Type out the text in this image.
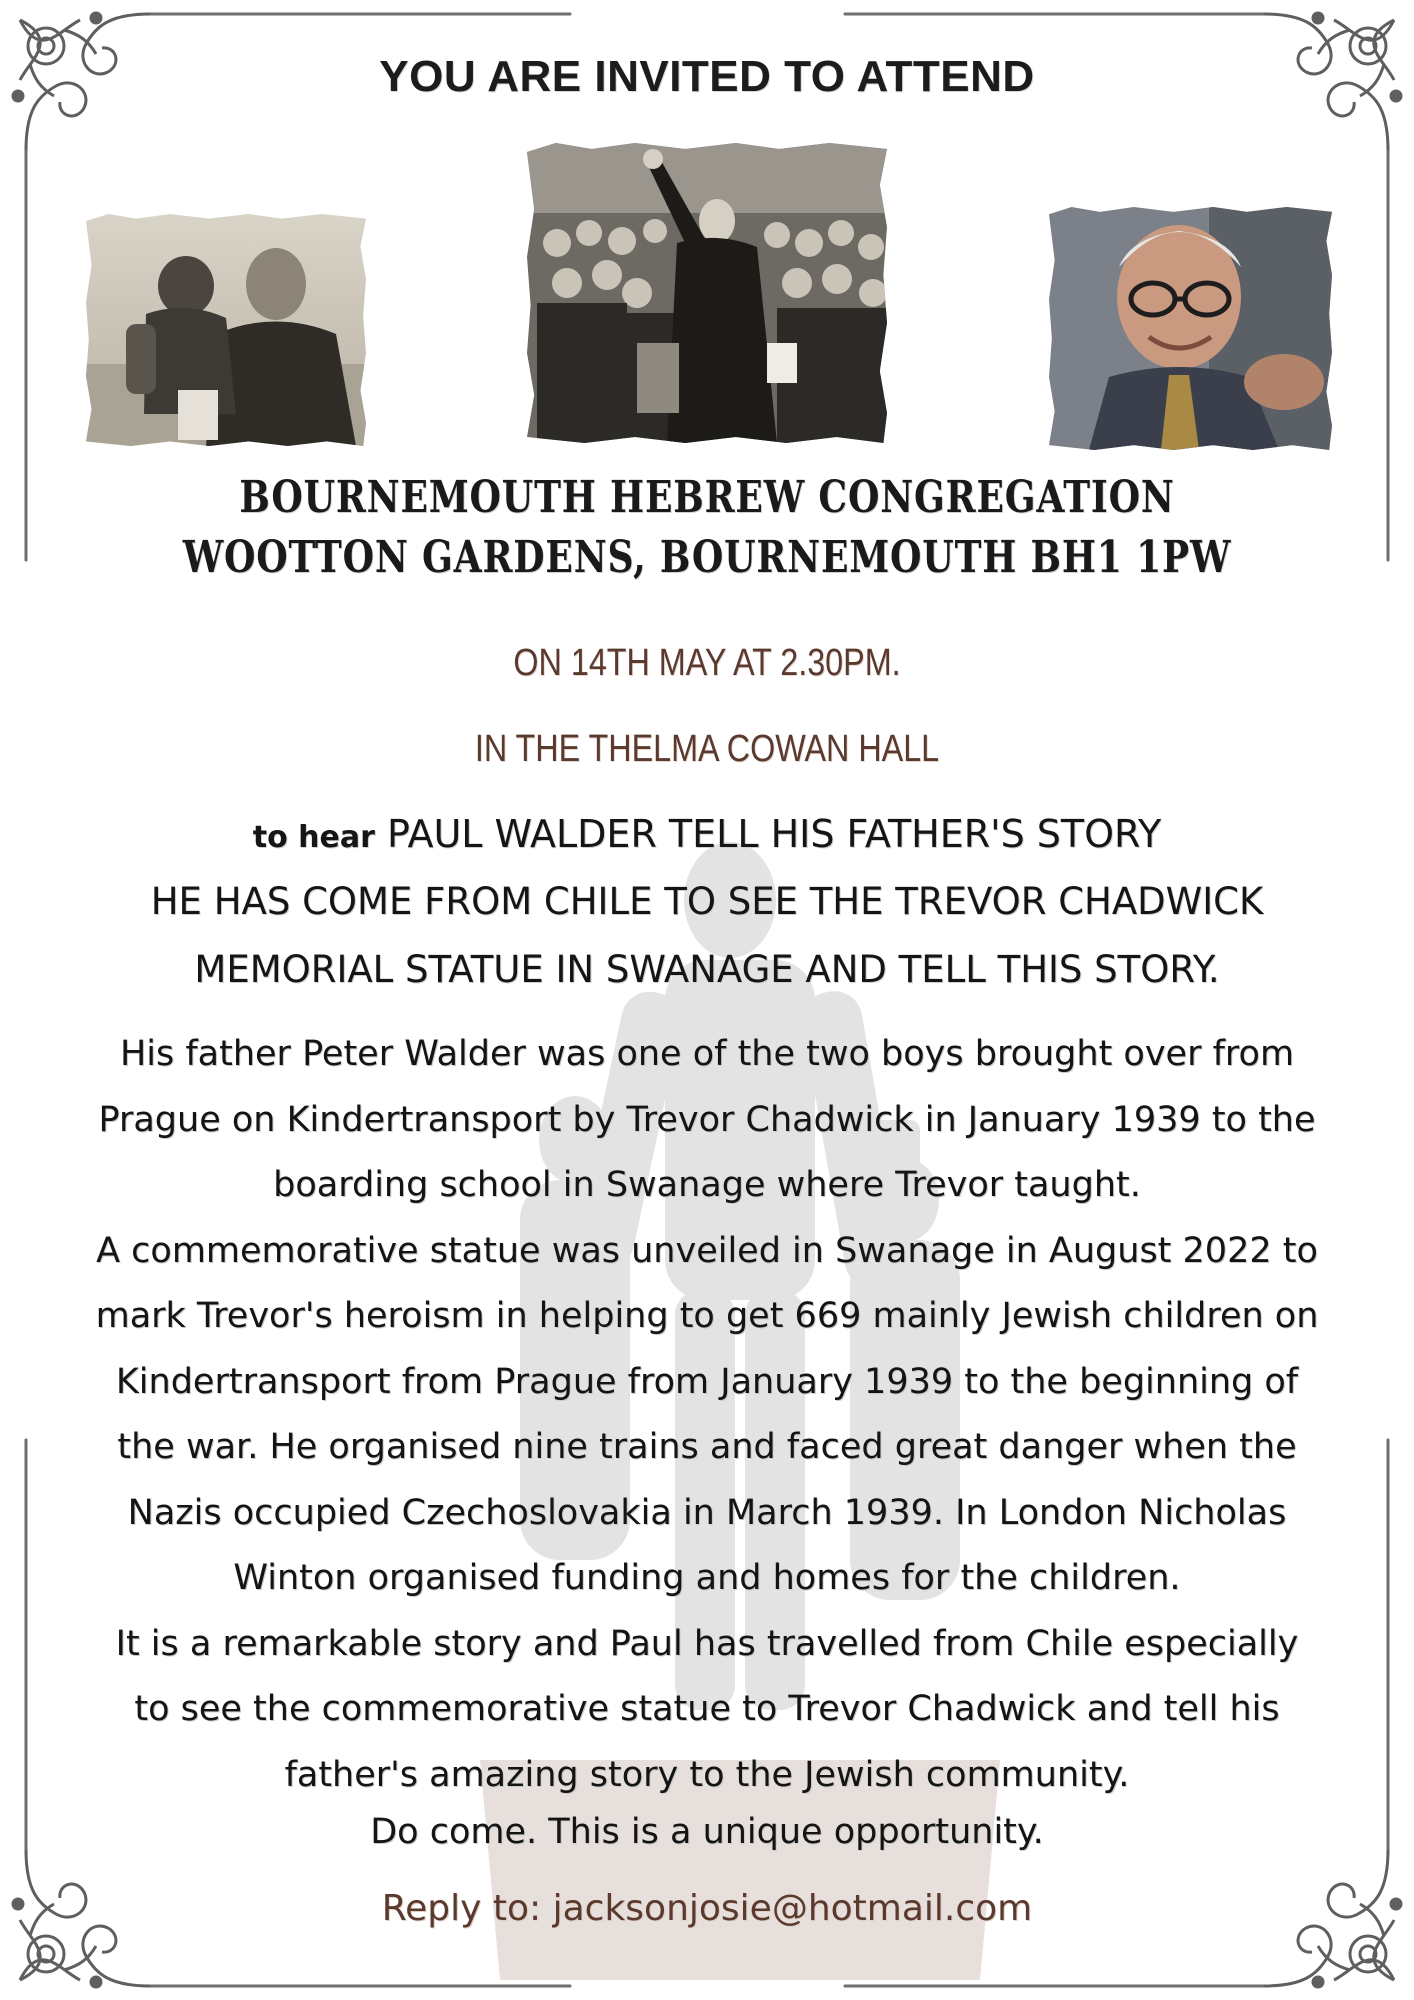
YOU ARE INVITED TO ATTEND
BOURNEMOUTH HEBREW CONGREGATION
WOOTTON GARDENS, BOURNEMOUTH BH1 1PW

ON 14TH MAY AT 2.30PM.

IN THE THELMA COWAN HALL

to hear PAUL WALDER TELL HIS FATHER'S STORY

HE HAS COME FROM CHILE TO SEE THE TREVOR CHADWICK

MEMORIAL STATUE IN SWANAGE AND TELL THIS STORY.

His father Peter Walder was one of the two boys brought over from
Prague on Kindertransport by Trevor Chadwick in January 1939 to the
boarding school in Swanage where Trevor taught.
A commemorative statue was unveiled in Swanage in August 2022 to
mark Trevor's heroism in helping to get 669 mainly Jewish children on
Kindertransport from Prague from January 1939 to the beginning of
the war. He organised nine trains and faced great danger when the
Nazis occupied Czechoslovakia in March 1939. In London Nicholas
Winton organised funding and homes for the children.
It is a remarkable story and Paul has travelled from Chile especially
to see the commemorative statue to Trevor Chadwick and tell his
father's amazing story to the Jewish community.

Do come. This is a unique opportunity.

Reply to: jacksonjosie@hotmail.com
